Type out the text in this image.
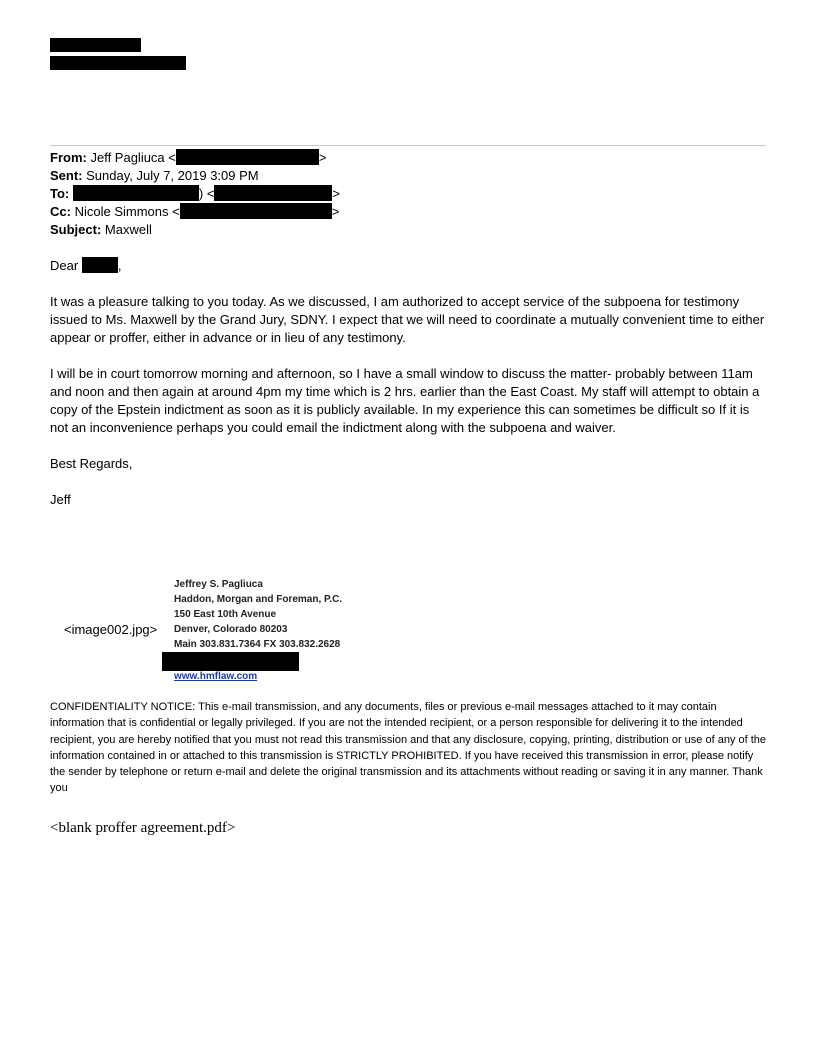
From: Jeff Pagliuca <	>
Sent: Sunday, July 7, 2019 3:09 PM
To:	) <	>
Cc: Nicole Simmons <	>
Subject: Maxwell
Dear	,
It was a pleasure talking to you today. As we discussed, I am authorized to accept service of the subpoena for testimony issued to Ms. Maxwell by the Grand Jury, SDNY. I expect that we will need to coordinate a mutually convenient time to either appear or proffer, either in advance or in lieu of any testimony.
I will be in court tomorrow morning and afternoon, so I have a small window to discuss the matter- probably between 11am and noon and then again at around 4pm my time which is 2 hrs. earlier than the East Coast. My staff will attempt to obtain a copy of the Epstein indictment as soon as it is publicly available. In my experience this can sometimes be difficult so If it is not an inconvenience perhaps you could email the indictment along with the subpoena and waiver.
Best Regards,
Jeff
<image002.jpg>
Jeffrey S. Pagliuca
Haddon, Morgan and Foreman, P.C.
150 East 10th Avenue
Denver, Colorado 80203
Main 303.831.7364 FX 303.832.2628
www.hmflaw.com
CONFIDENTIALITY NOTICE: This e-mail transmission, and any documents, files or previous e-mail messages attached to it may contain information that is confidential or legally privileged. If you are not the intended recipient, or a person responsible for delivering it to the intended recipient, you are hereby notified that you must not read this transmission and that any disclosure, copying, printing, distribution or use of any of the information contained in or attached to this transmission is STRICTLY PROHIBITED. If you have received this transmission in error, please notify the sender by telephone or return e-mail and delete the original transmission and its attachments without reading or saving it in any manner. Thank you
<blank proffer agreement.pdf>
